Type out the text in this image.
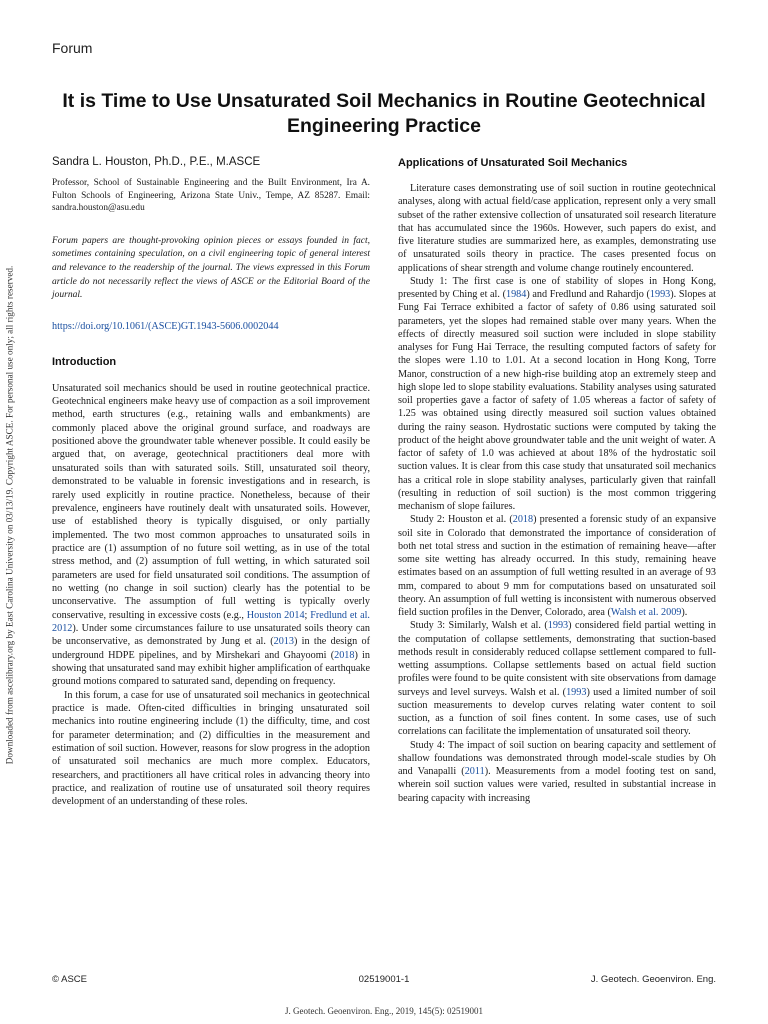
Downloaded from ascelibrary.org by East Carolina University on 03/13/19. Copyright ASCE. For personal use only; all rights reserved.
Forum
It is Time to Use Unsaturated Soil Mechanics in Routine Geotechnical Engineering Practice
Sandra L. Houston, Ph.D., P.E., M.ASCE
Professor, School of Sustainable Engineering and the Built Environment, Ira A. Fulton Schools of Engineering, Arizona State Univ., Tempe, AZ 85287. Email: sandra.houston@asu.edu
Forum papers are thought-provoking opinion pieces or essays founded in fact, sometimes containing speculation, on a civil engineering topic of general interest and relevance to the readership of the journal. The views expressed in this Forum article do not necessarily reflect the views of ASCE or the Editorial Board of the journal.
https://doi.org/10.1061/(ASCE)GT.1943-5606.0002044
Introduction

Unsaturated soil mechanics should be used in routine geotechnical practice. Geotechnical engineers make heavy use of compaction as a soil improvement method, earth structures (e.g., retaining walls and embankments) are commonly placed above the original ground surface, and roadways are positioned above the groundwater table whenever possible. It could easily be argued that, on average, geotechnical practitioners deal more with unsaturated soils than with saturated soils. Still, unsaturated soil theory, demonstrated to be valuable in forensic investigations and in research, is rarely used explicitly in routine practice. Nonetheless, because of their prevalence, engineers have routinely dealt with unsaturated soils. However, use of established theory is typically disguised, or only partially implemented. The two most common approaches to unsaturated soils in practice are (1) assumption of no future soil wetting, as in use of the total stress method, and (2) assumption of full wetting, in which saturated soil parameters are used for field unsaturated soil conditions. The assumption of no wetting (no change in soil suction) clearly has the potential to be unconservative. The assumption of full wetting is typically overly conservative, resulting in excessive costs (e.g., Houston 2014; Fredlund et al. 2012). Under some circumstances failure to use unsaturated soils theory can be unconservative, as demonstrated by Jung et al. (2013) in the design of underground HDPE pipelines, and by Mirshekari and Ghayoomi (2018) in showing that unsaturated sand may exhibit higher amplification of earthquake ground motions compared to saturated sand, depending on frequency.

In this forum, a case for use of unsaturated soil mechanics in geotechnical practice is made. Often-cited difficulties in bringing unsaturated soil mechanics into routine engineering include (1) the difficulty, time, and cost for parameter determination; and (2) difficulties in the measurement and estimation of soil suction. However, reasons for slow progress in the adoption of unsaturated soil mechanics are much more complex. Educators, researchers, and practitioners all have critical roles in advancing theory into practice, and realization of routine use of unsaturated soil theory requires development of an understanding of these roles.

Applications of Unsaturated Soil Mechanics

Literature cases demonstrating use of soil suction in routine geotechnical analyses, along with actual field/case application, represent only a very small subset of the rather extensive collection of unsaturated soil research literature that has accumulated since the 1960s. However, such papers do exist, and five literature studies are summarized here, as examples, demonstrating use of unsaturated soils theory in practice. The cases presented focus on applications of shear strength and volume change routinely encountered.

Study 1: The first case is one of stability of slopes in Hong Kong, presented by Ching et al. (1984) and Fredlund and Rahardjo (1993). Slopes at Fung Fai Terrace exhibited a factor of safety of 0.86 using saturated soil parameters, yet the slopes had remained stable over many years. When the effects of directly measured soil suction were included in slope stability analyses for Fung Hai Terrace, the resulting computed factors of safety for the slopes were 1.10 to 1.01. At a second location in Hong Kong, Torre Manor, construction of a new high-rise building atop an extremely steep and high slope led to slope stability evaluations. Stability analyses using saturated soil properties gave a factor of safety of 1.05 whereas a factor of safety of 1.25 was obtained using directly measured soil suction values obtained during the rainy season. Hydrostatic suctions were computed by taking the product of the height above groundwater table and the unit weight of water. A factor of safety of 1.0 was achieved at about 18% of the hydrostatic soil suction values. It is clear from this case study that unsaturated soil mechanics has a critical role in slope stability analyses, particularly given that rainfall (resulting in reduction of soil suction) is the most common triggering mechanism of slope failures.

Study 2: Houston et al. (2018) presented a forensic study of an expansive soil site in Colorado that demonstrated the importance of consideration of both net total stress and suction in the estimation of remaining heave—after some site wetting has already occurred. In this study, remaining heave estimates based on an assumption of full wetting resulted in an average of 93 mm, compared to about 9 mm for computations based on unsaturated soil theory. An assumption of full wetting is inconsistent with numerous observed field suction profiles in the Denver, Colorado, area (Walsh et al. 2009).

Study 3: Similarly, Walsh et al. (1993) considered field partial wetting in the computation of collapse settlements, demonstrating that suction-based methods result in considerably reduced collapse settlement compared to full-wetting assumptions. Collapse settlements based on actual field suction profiles were found to be quite consistent with site observations from damage surveys and level surveys. Walsh et al. (1993) used a limited number of soil suction measurements to develop curves relating water content to soil suction, as a function of soil fines content. In some cases, use of such correlations can facilitate the implementation of unsaturated soil theory.

Study 4: The impact of soil suction on bearing capacity and settlement of shallow foundations was demonstrated through model-scale studies by Oh and Vanapalli (2011). Measurements from a model footing test on sand, wherein soil suction values were varied, resulted in substantial increase in bearing capacity with increasing

© ASCE	02519001-1	J. Geotech. Geoenviron. Eng.
J. Geotech. Geoenviron. Eng., 2019, 145(5): 02519001
